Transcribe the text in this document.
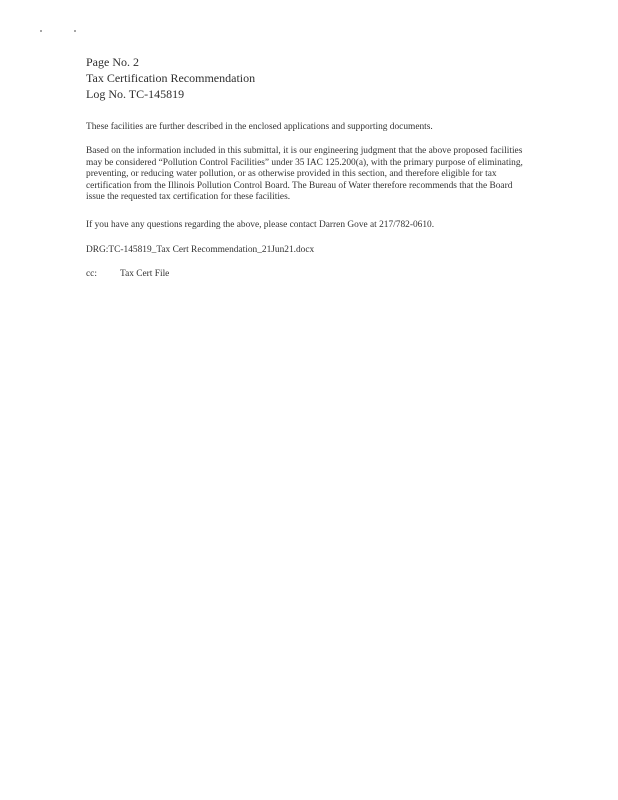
Page No. 2
Tax Certification Recommendation
Log No. TC-145819
These facilities are further described in the enclosed applications and supporting documents.
Based on the information included in this submittal, it is our engineering judgment that the above proposed facilities may be considered “Pollution Control Facilities” under 35 IAC 125.200(a), with the primary purpose of eliminating, preventing, or reducing water pollution, or as otherwise provided in this section, and therefore eligible for tax certification from the Illinois Pollution Control Board. The Bureau of Water therefore recommends that the Board issue the requested tax certification for these facilities.
If you have any questions regarding the above, please contact Darren Gove at 217/782-0610.
DRG:TC-145819_Tax Cert Recommendation_21Jun21.docx
cc: Tax Cert File
